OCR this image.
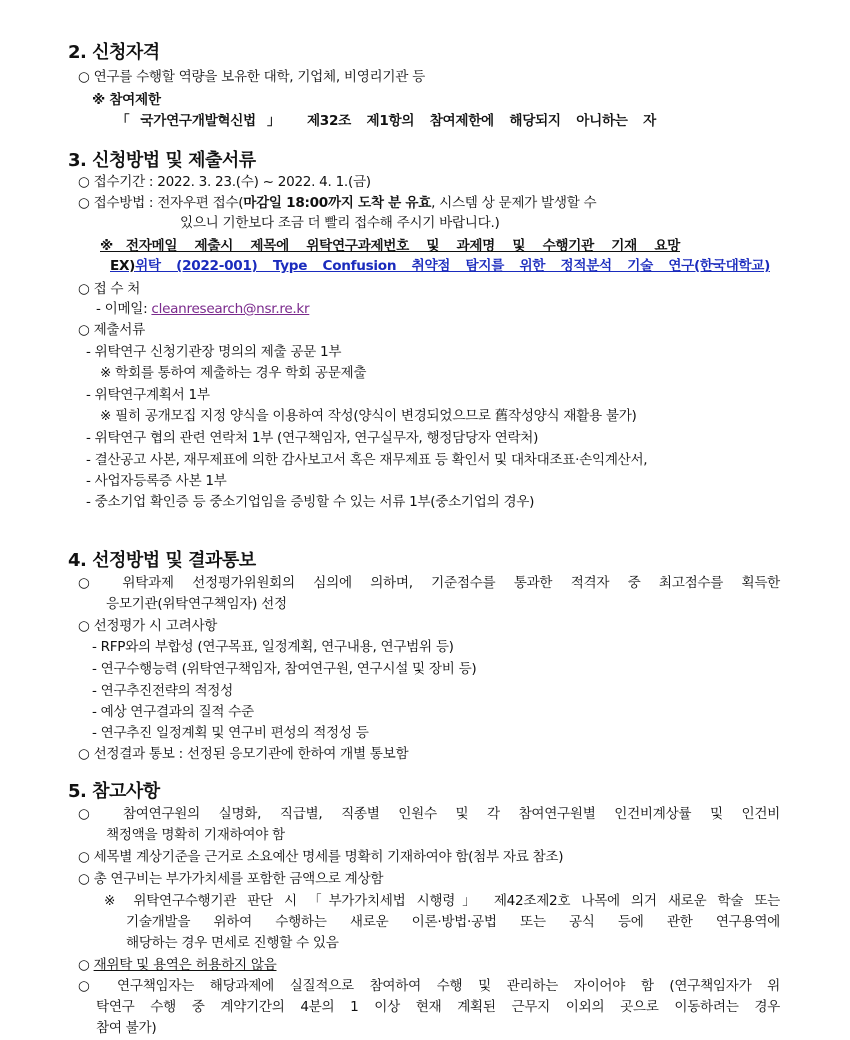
2. 신청자격
○ 연구를 수행할 역량을 보유한 대학, 기업체, 비영리기관 등
※ 참여제한
「국가연구개발혁신법」 제32조 제1항의 참여제한에 해당되지 아니하는 자
3. 신청방법 및 제출서류
○ 접수기간 : 2022. 3. 23.(수) ~ 2022. 4. 1.(금)
○ 접수방법 : 전자우편 접수(마감일 18:00까지 도착 분 유효, 시스템 상 문제가 발생할 수
있으니 기한보다 조금 더 빨리 접수해 주시기 바랍니다.)
※전자메일 제출시 제목에 위탁연구과제번호 및 과제명 및 수행기관 기재 요망
EX)위탁 (2022-001) Type Confusion 취약점 탐지를 위한 정적분석 기술 연구(한국대학교)
○ 접 수 처
- 이메일: cleanresearch@nsr.re.kr
○ 제출서류
- 위탁연구 신청기관장 명의의 제출 공문 1부
※ 학회를 통하여 제출하는 경우 학회 공문제출
- 위탁연구계획서 1부
※ 필히 공개모집 지정 양식을 이용하여 작성(양식이 변경되었으므로 舊작성양식 재활용 불가)
- 위탁연구 협의 관련 연락처 1부 (연구책임자, 연구실무자, 행정담당자 연락처)
- 결산공고 사본, 재무제표에 의한 감사보고서 혹은 재무제표 등 확인서 및 대차대조표·손익계산서,
- 사업자등록증 사본 1부
- 중소기업 확인증 등 중소기업임을 증빙할 수 있는 서류 1부(중소기업의 경우)
4. 선정방법 및 결과통보
○ 위탁과제 선정평가위원회의 심의에 의하며, 기준점수를 통과한 적격자 중 최고점수를 획득한
응모기관(위탁연구책임자) 선정
○ 선정평가 시 고려사항
- RFP와의 부합성 (연구목표, 일정계획, 연구내용, 연구범위 등)
- 연구수행능력 (위탁연구책임자, 참여연구원, 연구시설 및 장비 등)
- 연구추진전략의 적정성
- 예상 연구결과의 질적 수준
- 연구추진 일정계획 및 연구비 편성의 적정성 등
○ 선정결과 통보 : 선정된 응모기관에 한하여 개별 통보함
5. 참고사항
○ 참여연구원의 실명화, 직급별, 직종별 인원수 및 각 참여연구원별 인건비계상률 및 인건비
책정액을 명확히 기재하여야 함
○ 세목별 계상기준을 근거로 소요예산 명세를 명확히 기재하여야 함(첨부 자료 참조)
○ 총 연구비는 부가가치세를 포함한 금액으로 계상함
※ 위탁연구수행기관 판단 시 「부가가치세법 시행령」 제42조제2호 나목에 의거 새로운 학술 또는
기술개발을 위하여 수행하는 새로운 이론·방법·공법 또는 공식 등에 관한 연구용역에
해당하는 경우 면세로 진행할 수 있음
○ 재위탁 및 용역은 허용하지 않음
○ 연구책임자는 해당과제에 실질적으로 참여하여 수행 및 관리하는 자이어야 함 (연구책임자가 위
탁연구 수행 중 계약기간의 4분의 1 이상 현재 계획된 근무지 이외의 곳으로 이동하려는 경우
참여 불가)
